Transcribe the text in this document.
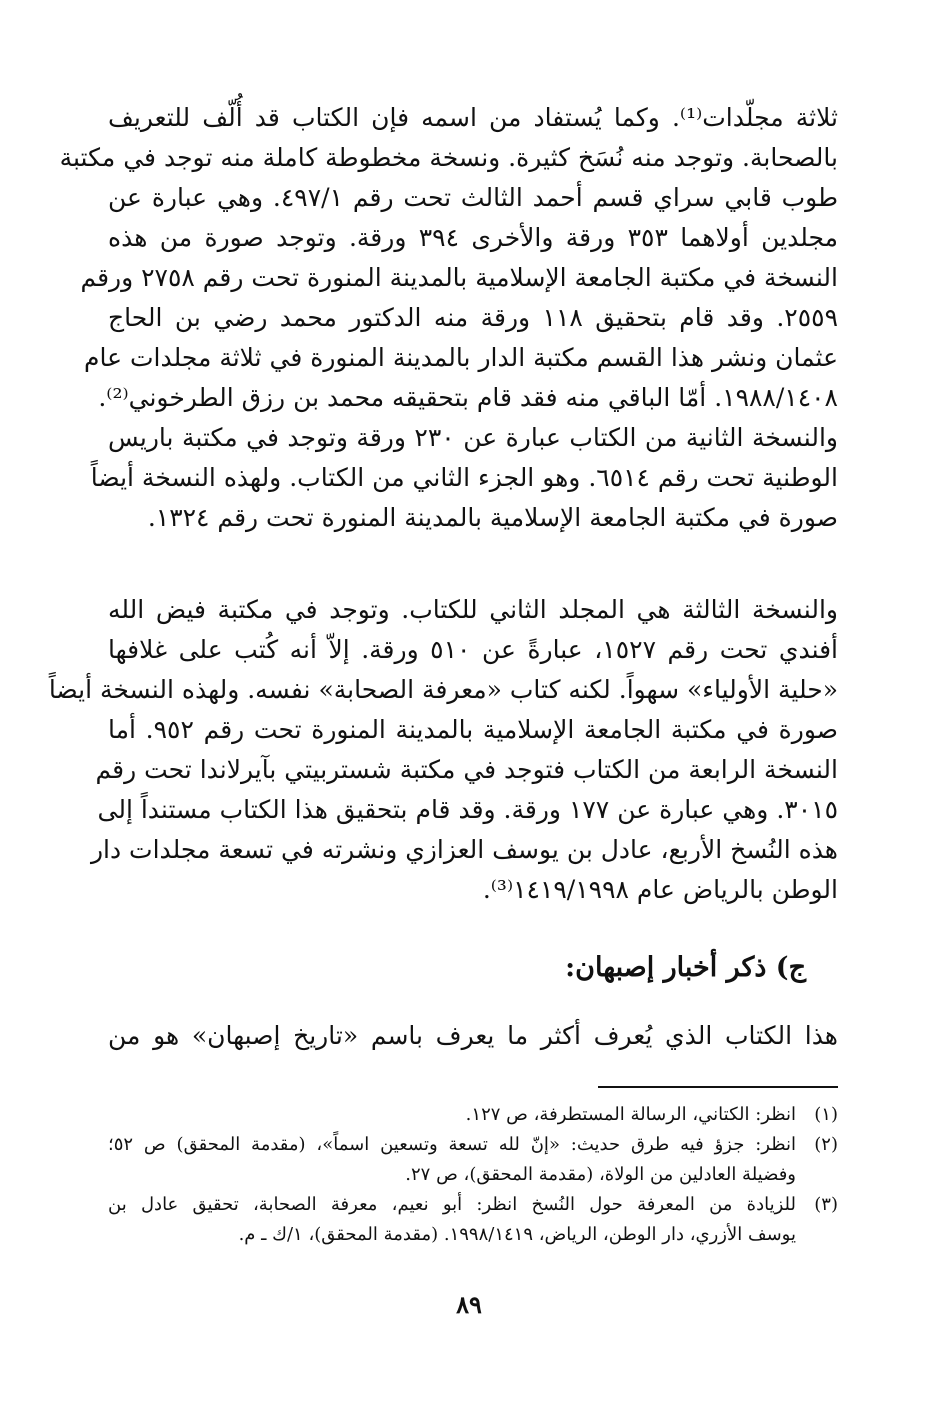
ثلاثة مجلّدات⁽¹⁾. وكما يُستفاد من اسمه فإن الكتاب قد أُلّف للتعريف
بالصحابة. وتوجد منه نُسَخ كثيرة. ونسخة مخطوطة كاملة منه توجد في مكتبة
طوب قابي سراي قسم أحمد الثالث تحت رقم ٤٩٧/١. وهي عبارة عن
مجلدين أولاهما ٣٥٣ ورقة والأخرى ٣٩٤ ورقة. وتوجد صورة من هذه
النسخة في مكتبة الجامعة الإسلامية بالمدينة المنورة تحت رقم ٢٧٥٨ ورقم
٢٥٥٩. وقد قام بتحقيق ١١٨ ورقة منه الدكتور محمد رضي بن الحاج
عثمان ونشر هذا القسم مكتبة الدار بالمدينة المنورة في ثلاثة مجلدات عام
١٩٨٨/١٤٠٨. أمّا الباقي منه فقد قام بتحقيقه محمد بن رزق الطرخوني⁽²⁾.
والنسخة الثانية من الكتاب عبارة عن ٢٣٠ ورقة وتوجد في مكتبة باريس
الوطنية تحت رقم ٦٥١٤. وهو الجزء الثاني من الكتاب. ولهذه النسخة أيضاً
صورة في مكتبة الجامعة الإسلامية بالمدينة المنورة تحت رقم ١٣٢٤.
والنسخة الثالثة هي المجلد الثاني للكتاب. وتوجد في مكتبة فيض الله
أفندي تحت رقم ١٥٢٧، عبارةً عن ٥١٠ ورقة. إلاّ أنه كُتب على غلافها
«حلية الأولياء» سهواً. لكنه كتاب «معرفة الصحابة» نفسه. ولهذه النسخة أيضاً
صورة في مكتبة الجامعة الإسلامية بالمدينة المنورة تحت رقم ٩٥٢. أما
النسخة الرابعة من الكتاب فتوجد في مكتبة شستربيتي بآيرلاندا تحت رقم
٣٠١٥. وهي عبارة عن ١٧٧ ورقة. وقد قام بتحقيق هذا الكتاب مستنداً إلى
هذه النُسخ الأربع، عادل بن يوسف العزازي ونشرته في تسعة مجلدات دار
الوطن بالرياض عام ١٤١٩/١٩٩٨⁽³⁾.
ج) ذكر أخبار إصبهان:
هذا الكتاب الذي يُعرف أكثر ما يعرف باسم «تاريخ إصبهان» هو من
(١)
انظر: الكتاني، الرسالة المستطرفة، ص ١٢٧.
(٢)
انظر: جزؤ فيه طرق حديث: «إنّ لله تسعة وتسعين اسماً»، (مقدمة المحقق) ص ٥٢؛
وفضيلة العادلين من الولاة، (مقدمة المحقق)، ص ٢٧.
(٣)
للزيادة من المعرفة حول النُسخ انظر: أبو نعيم، معرفة الصحابة، تحقيق عادل بن
يوسف الأزري، دار الوطن، الرياض، ١٩٩٨/١٤١٩. (مقدمة المحقق)، ١/ك ـ م.
٨٩
